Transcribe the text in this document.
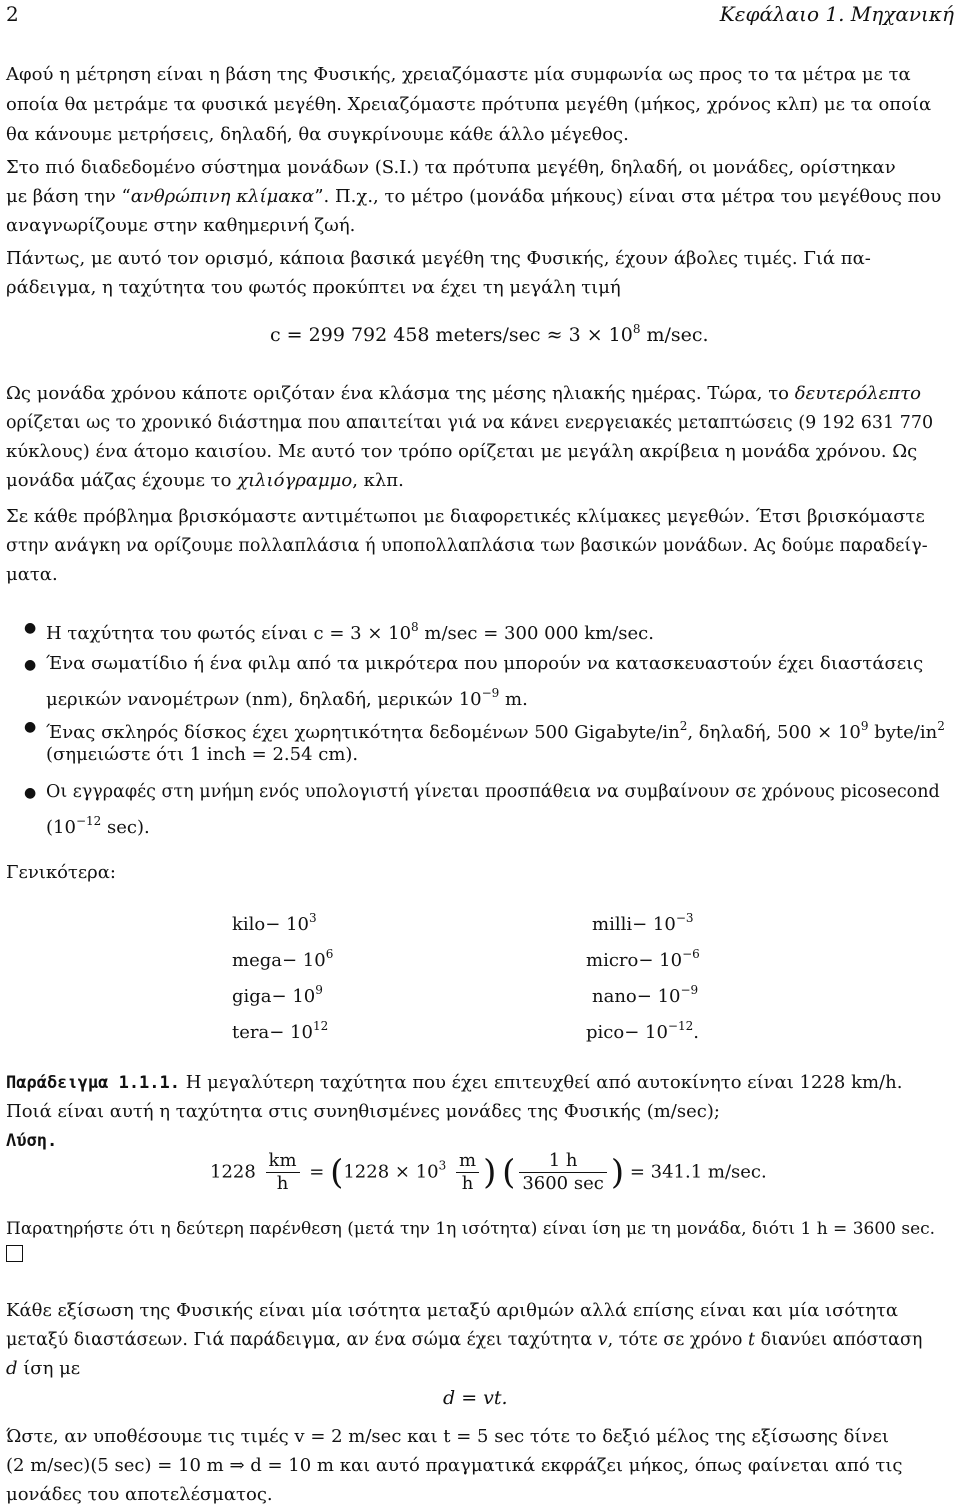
2	Κεφάλαιο 1. Μηχανική
Αφού η μέτρηση είναι η βάση της Φυσικής, χρειαζόμαστε μία συμφωνία ως προς το τα μέτρα με τα
οποία θα μετράμε τα φυσικά μεγέθη. Χρειαζόμαστε πρότυπα μεγέθη (μήκος, χρόνος κλπ) με τα οποία
θα κάνουμε μετρήσεις, δηλαδή, θα συγκρίνουμε κάθε άλλο μέγεθος.
Στο πιό διαδεδομένο σύστημα μονάδων (S.I.) τα πρότυπα μεγέθη, δηλαδή, οι μονάδες, ορίστηκαν
με βάση την “ανθρώπινη κλίμακα”. Π.χ., το μέτρο (μονάδα μήκους) είναι στα μέτρα του μεγέθους που
αναγνωρίζουμε στην καθημερινή ζωή.
Πάντως, με αυτό τον ορισμό, κάποια βασικά μεγέθη της Φυσικής, έχουν άβολες τιμές. Γιά πα-
ράδειγμα, η ταχύτητα του φωτός προκύπτει να έχει τη μεγάλη τιμή
c = 299 792 458 meters/sec ≈ $3 \times 10^8$ m/sec.
Ως μονάδα χρόνου κάποτε οριζόταν ένα κλάσμα της μέσης ηλιακής ημέρας. Τώρα, το δευτερόλεπτο
ορίζεται ως το χρονικό διάστημα που απαιτείται γιά να κάνει ενεργειακές μεταπτώσεις (9 192 631 770
κύκλους) ένα άτομο καισίου. Με αυτό τον τρόπο ορίζεται με μεγάλη ακρίβεια η μονάδα χρόνου. Ως
μονάδα μάζας έχουμε το χιλιόγραμμο, κλπ.
Σε κάθε πρόβλημα βρισκόμαστε αντιμέτωποι με διαφορετικές κλίμακες μεγεθών. Έτσι βρισκόμαστε
στην ανάγκη να ορίζουμε πολλαπλάσια ή υποπολλαπλάσια των βασικών μονάδων. Ας δούμε παραδείγ-
ματα.
● Η ταχύτητα του φωτός είναι $c = 3 \times 10^8$ m/sec = 300 000 km/sec.
● Ένα σωματίδιο ή ένα φιλμ από τα μικρότερα που μπορούν να κατασκευαστούν έχει διαστάσεις
μερικών νανομέτρων (nm), δηλαδή, μερικών $10^{-9}$ m.
● Ένας σκληρός δίσκος έχει χωρητικότητα δεδομένων 500 Gigabyte/$in^2$, δηλαδή, $500 \times 10^9$ byte/$in^2$
(σημειώστε ότι 1 inch = 2.54 cm).
● Οι εγγραφές στη μνήμη ενός υπολογιστή γίνεται προσπάθεια να συμβαίνουν σε χρόνους picosecond
($10^{-12}$ sec).
Γενικότερα:
kilo− $10^3$
mega− $10^6$
giga− $10^9$
tera− $10^{12}$
milli− $10^{-3}$
micro− $10^{-6}$
nano− $10^{-9}$
pico− $10^{-12}$.
Παράδειγμα 1.1.1. Η μεγαλύτερη ταχύτητα που έχει επιτευχθεί από αυτοκίνητο είναι 1228 km/h.
Ποιά είναι αυτή η ταχύτητα στις συνηθισμένες μονάδες της Φυσικής (m/sec);
Λύση.
$1228 \frac{km}{h} = (1228 \times 10^3 \frac{m}{h}$ ) ( $\frac{1 h}{3600 \sec}$ ) = 341.1 m/sec.
Παρατηρήστε ότι η δεύτερη παρένθεση (μετά την 1η ισότητα) είναι ίση με τη μονάδα, διότι 1 h = 3600 sec.
Κάθε εξίσωση της Φυσικής είναι μία ισότητα μεταξύ αριθμών αλλά επίσης είναι και μία ισότητα
μεταξύ διαστάσεων. Γιά παράδειγμα, αν ένα σώμα έχει ταχύτητα v, τότε σε χρόνο t διανύει απόσταση
d ίση με
d = vt.
Ώστε, αν υποθέσουμε τις τιμές v = 2 m/sec και t = 5 sec τότε το δεξιό μέλος της εξίσωσης δίνει
(2 m/sec)(5 sec) = 10 m ⇒ d = 10 m και αυτό πραγματικά εκφράζει μήκος, όπως φαίνεται από τις
μονάδες του αποτελέσματος.
